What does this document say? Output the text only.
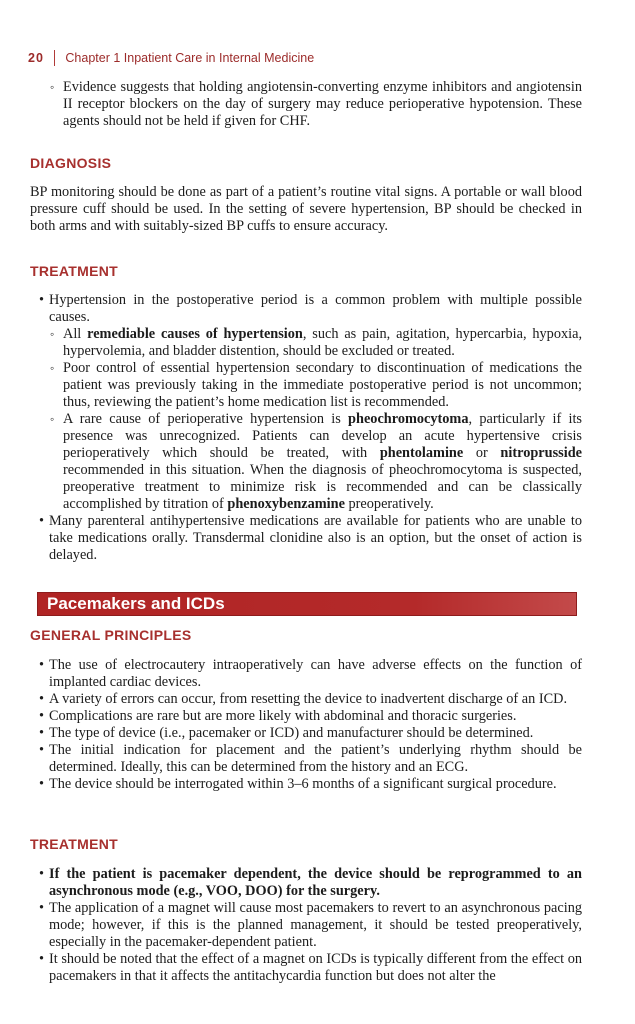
20 Chapter 1 Inpatient Care in Internal Medicine

◦ Evidence suggests that holding angiotensin-converting enzyme inhibitors and angiotensin II receptor blockers on the day of surgery may reduce perioperative hypotension. These agents should not be held if given for CHF.

DIAGNOSIS

BP monitoring should be done as part of a patient’s routine vital signs. A portable or wall blood pressure cuff should be used. In the setting of severe hypertension, BP should be checked in both arms and with suitably-sized BP cuffs to ensure accuracy.

TREATMENT

• Hypertension in the postoperative period is a common problem with multiple possible causes.

◦ All remediable causes of hypertension, such as pain, agitation, hypercarbia, hypoxia, hypervolemia, and bladder distention, should be excluded or treated.

◦ Poor control of essential hypertension secondary to discontinuation of medications the patient was previously taking in the immediate postoperative period is not uncommon; thus, reviewing the patient’s home medication list is recommended.

◦ A rare cause of perioperative hypertension is pheochromocytoma, particularly if its presence was unrecognized. Patients can develop an acute hypertensive crisis perioperatively which should be treated, with phentolamine or nitroprusside recommended in this situation. When the diagnosis of pheochromocytoma is suspected, preoperative treatment to minimize risk is recommended and can be classically accomplished by titration of phenoxybenzamine preoperatively.

• Many parenteral antihypertensive medications are available for patients who are unable to take medications orally. Transdermal clonidine also is an option, but the onset of action is delayed.

Pacemakers and ICDs
GENERAL PRINCIPLES

• The use of electrocautery intraoperatively can have adverse effects on the function of implanted cardiac devices.

• A variety of errors can occur, from resetting the device to inadvertent discharge of an ICD.

• Complications are rare but are more likely with abdominal and thoracic surgeries.

• The type of device (i.e., pacemaker or ICD) and manufacturer should be determined.

• The initial indication for placement and the patient’s underlying rhythm should be determined. Ideally, this can be determined from the history and an ECG.

• The device should be interrogated within 3–6 months of a significant surgical procedure.

TREATMENT

• If the patient is pacemaker dependent, the device should be reprogrammed to an asynchronous mode (e.g., VOO, DOO) for the surgery.

• The application of a magnet will cause most pacemakers to revert to an asynchronous pacing mode; however, if this is the planned management, it should be tested preoperatively, especially in the pacemaker-dependent patient.

• It should be noted that the effect of a magnet on ICDs is typically different from the effect on pacemakers in that it affects the antitachycardia function but does not alter the
